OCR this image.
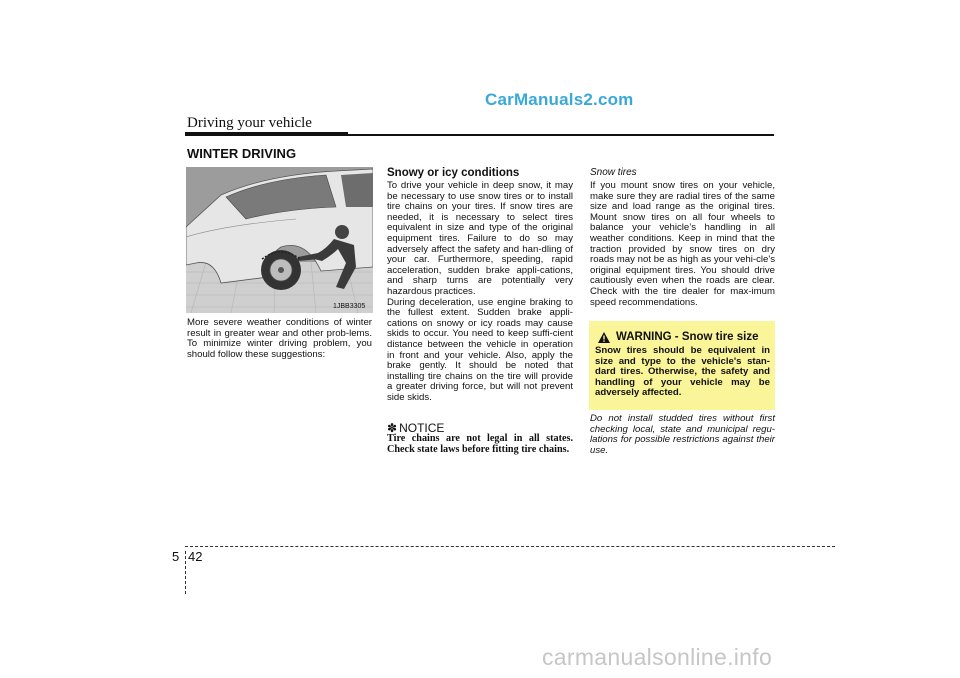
CarManuals2.com
Driving your vehicle
WINTER DRIVING
1JBB3305
More severe weather conditions of winter result in greater wear and other prob-lems. To minimize winter driving problem, you should follow these suggestions:
Snowy or icy conditions
To drive your vehicle in deep snow, it may be necessary to use snow tires or to install tire chains on your tires. If snow tires are needed, it is necessary to select tires equivalent in size and type of the original equipment tires. Failure to do so may adversely affect the safety and han-dling of your car. Furthermore, speeding, rapid acceleration, sudden brake appli-cations, and sharp turns are potentially very hazardous practices.
During deceleration, use engine braking to the fullest extent. Sudden brake appli-cations on snowy or icy roads may cause skids to occur. You need to keep suffi-cient distance between the vehicle in operation in front and your vehicle. Also, apply the brake gently. It should be noted that installing tire chains on the tire will provide a greater driving force, but will not prevent side skids.
✽ NOTICE
Tire chains are not legal in all states. Check state laws before fitting tire chains.
Snow tires
If you mount snow tires on your vehicle, make sure they are radial tires of the same size and load range as the original tires. Mount snow tires on all four wheels to balance your vehicle’s handling in all weather conditions. Keep in mind that the traction provided by snow tires on dry roads may not be as high as your vehi-cle's original equipment tires. You should drive cautiously even when the roads are clear. Check with the tire dealer for max-imum speed recommendations.
WARNING - Snow tire size
Snow tires should be equivalent in size and type to the vehicle's stan-dard tires. Otherwise, the safety and handling of your vehicle may be adversely affected.
Do not install studded tires without first checking local, state and municipal regu-lations for possible restrictions against their use.
5 42
carmanualsonline.info
